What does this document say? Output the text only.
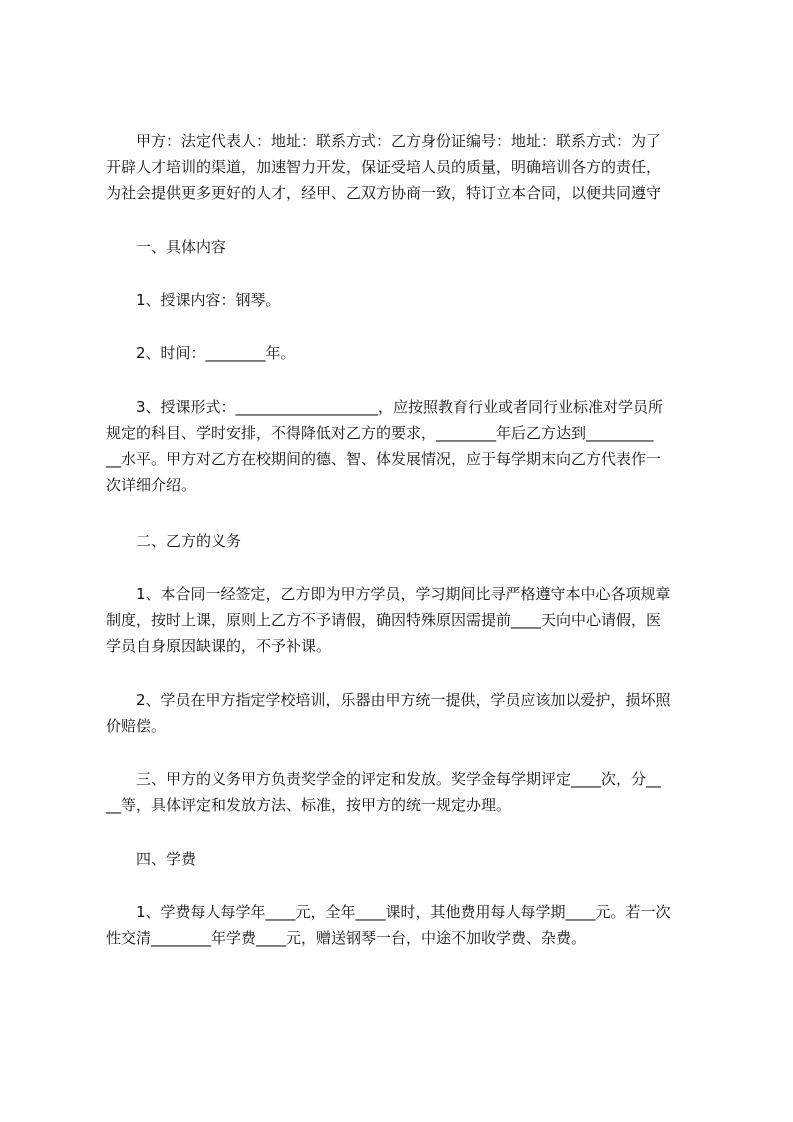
甲方：法定代表人：地址：联系方式：乙方身份证编号：地址：联系方式：为了
开辟人才培训的渠道，加速智力开发，保证受培人员的质量，明确培训各方的责任，
为社会提供更多更好的人才，经甲、乙双方协商一致，特订立本合同，以便共同遵守
一、具体内容
1、授课内容：钢琴。
2、时间：________年。
3、授课形式：___________________，应按照教育行业或者同行业标准对学员所
规定的科目、学时安排，不得降低对乙方的要求，________年后乙方达到_________
__水平。甲方对乙方在校期间的德、智、体发展情况，应于每学期末向乙方代表作一
次详细介绍。
二、乙方的义务
1、本合同一经签定，乙方即为甲方学员，学习期间比寻严格遵守本中心各项规章
制度，按时上课，原则上乙方不予请假，确因特殊原因需提前____天向中心请假，医
学员自身原因缺课的，不予补课。
2、学员在甲方指定学校培训，乐器由甲方统一提供，学员应该加以爱护，损坏照
价赔偿。
三、甲方的义务甲方负责奖学金的评定和发放。奖学金每学期评定____次，分__
__等，具体评定和发放方法、标准，按甲方的统一规定办理。
四、学费
1、学费每人每学年____元，全年____课时，其他费用每人每学期____元。若一次
性交清________年学费____元，赠送钢琴一台，中途不加收学费、杂费。
